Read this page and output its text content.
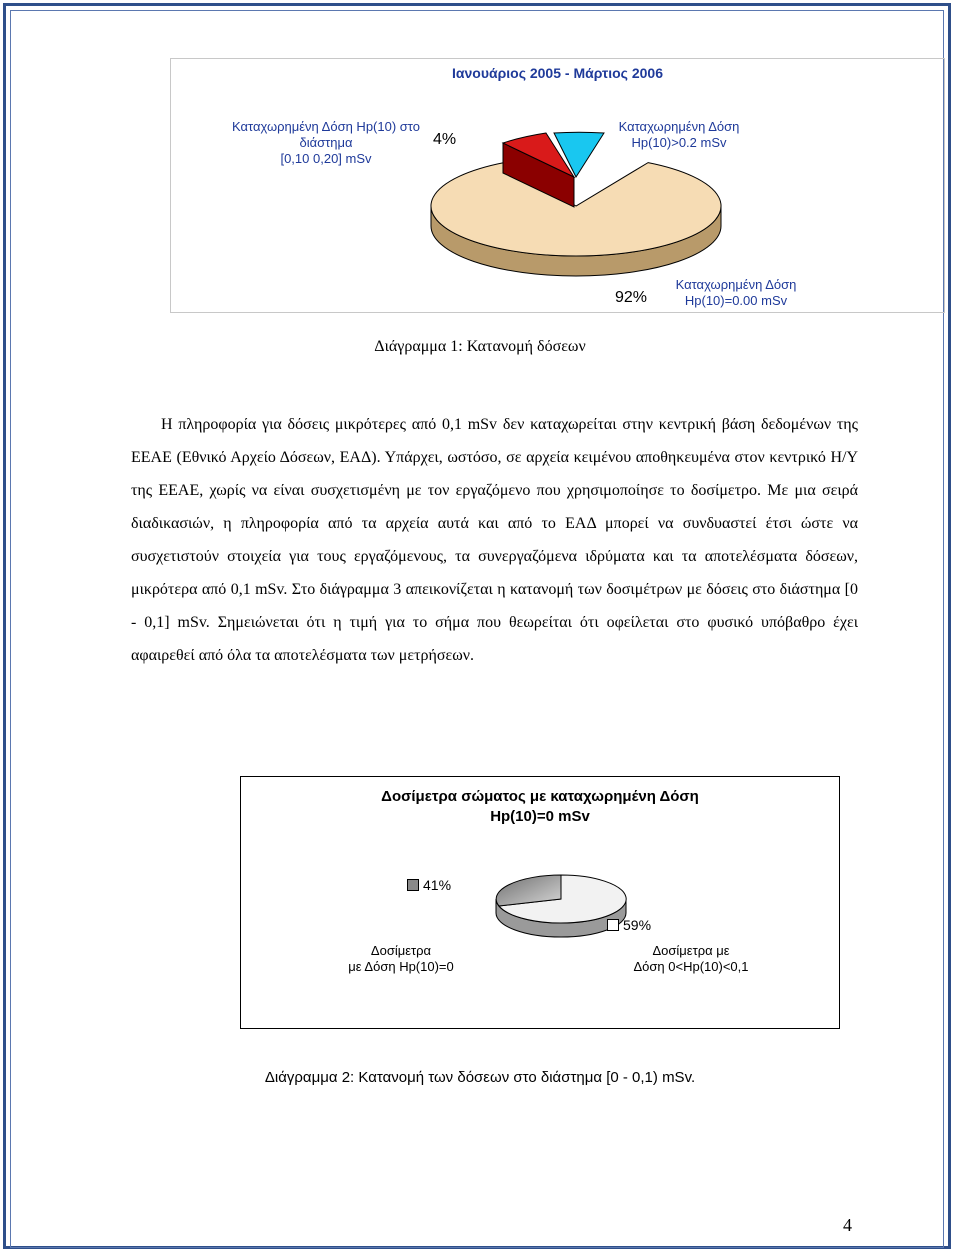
Ιανουάριος 2005 - Μάρτιος 2006
Καταχωρημένη Δόση Hp(10) στο
διάστημα
[0,10 0,20] mSv
4%
Καταχωρημένη Δόση
Hp(10)>0.2 mSv
92%
Καταχωρημένη Δόση
Hp(10)=0.00 mSv
Διάγραμμα 1: Κατανομή δόσεων

Η πληροφορία για δόσεις μικρότερες από 0,1 mSv δεν καταχωρείται στην κεντρική βάση δεδομένων της ΕΕΑΕ (Εθνικό Αρχείο Δόσεων, ΕΑΔ). Υπάρχει, ωστόσο, σε αρχεία κειμένου αποθηκευμένα στον κεντρικό Η/Υ της ΕΕΑΕ, χωρίς να είναι συσχετισμένη με τον εργαζόμενο που χρησιμοποίησε το δοσίμετρο. Με μια σειρά διαδικασιών, η πληροφορία από τα αρχεία αυτά και από το ΕΑΔ μπορεί να συνδυαστεί έτσι ώστε να συσχετιστούν στοιχεία για τους εργαζόμενους, τα συνεργαζόμενα ιδρύματα και τα αποτελέσματα δόσεων, μικρότερα από 0,1 mSv. Στο διάγραμμα 3 απεικονίζεται η κατανομή των δοσιμέτρων με δόσεις στο διάστημα [0 - 0,1] mSv. Σημειώνεται ότι η τιμή για το σήμα που θεωρείται ότι οφείλεται στο φυσικό υπόβαθρο έχει αφαιρεθεί από όλα τα αποτελέσματα των μετρήσεων.

Δοσίμετρα σώματος με καταχωρημένη Δόση
Hp(10)=0 mSv
41%
59%
Δοσίμετρα
με Δόση Hp(10)=0
Δοσίμετρα με
Δόση 0<Hp(10)<0,1
Διάγραμμα 2: Κατανομή των δόσεων στο διάστημα [0 - 0,1) mSv.
4
